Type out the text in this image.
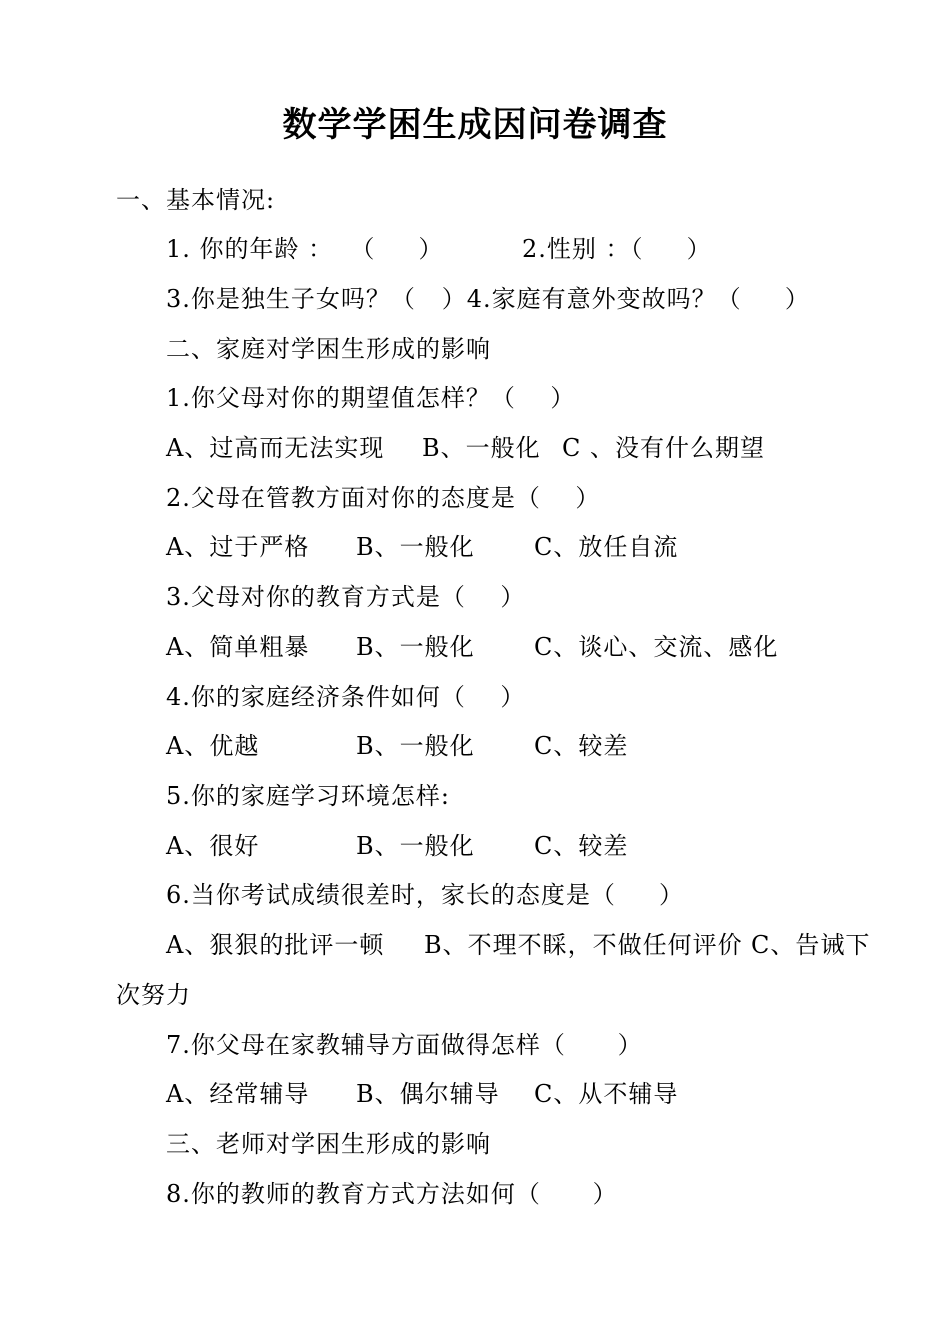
数学学困生成因问卷调查
一、基本情况:

1. 你的年龄 ：  （     ）

	2.性别 ：（     ）

3.你是独生子女吗？（   ）4.家庭有意外变故吗？（     ）
二、家庭对学困生形成的影响
1.你父母对你的期望值怎样？（    ）

A、过高而无法实现

B、一般化

C 、没有什么期望

2.父母在管教方面对你的态度是（    ）

A、过于严格

B、一般化

C、放任自流

3.父母对你的教育方式是（    ）

A、简单粗暴

B、一般化

C、谈心、交流、感化

4.你的家庭经济条件如何（    ）

A、优越

	B、一般化

C、较差

5.你的家庭学习环境怎样:

A、很好

	B、一般化

C、较差

6.当你考试成绩很差时，家长的态度是（     ）

A、狠狠的批评一顿

B、不理不睬，不做任何评价

C、告诫下

次努力
7.你父母在家教辅导方面做得怎样（      ）

A、经常辅导

B、偶尔辅导

C、从不辅导

三、老师对学困生形成的影响
8.你的教师的教育方式方法如何（      ）
